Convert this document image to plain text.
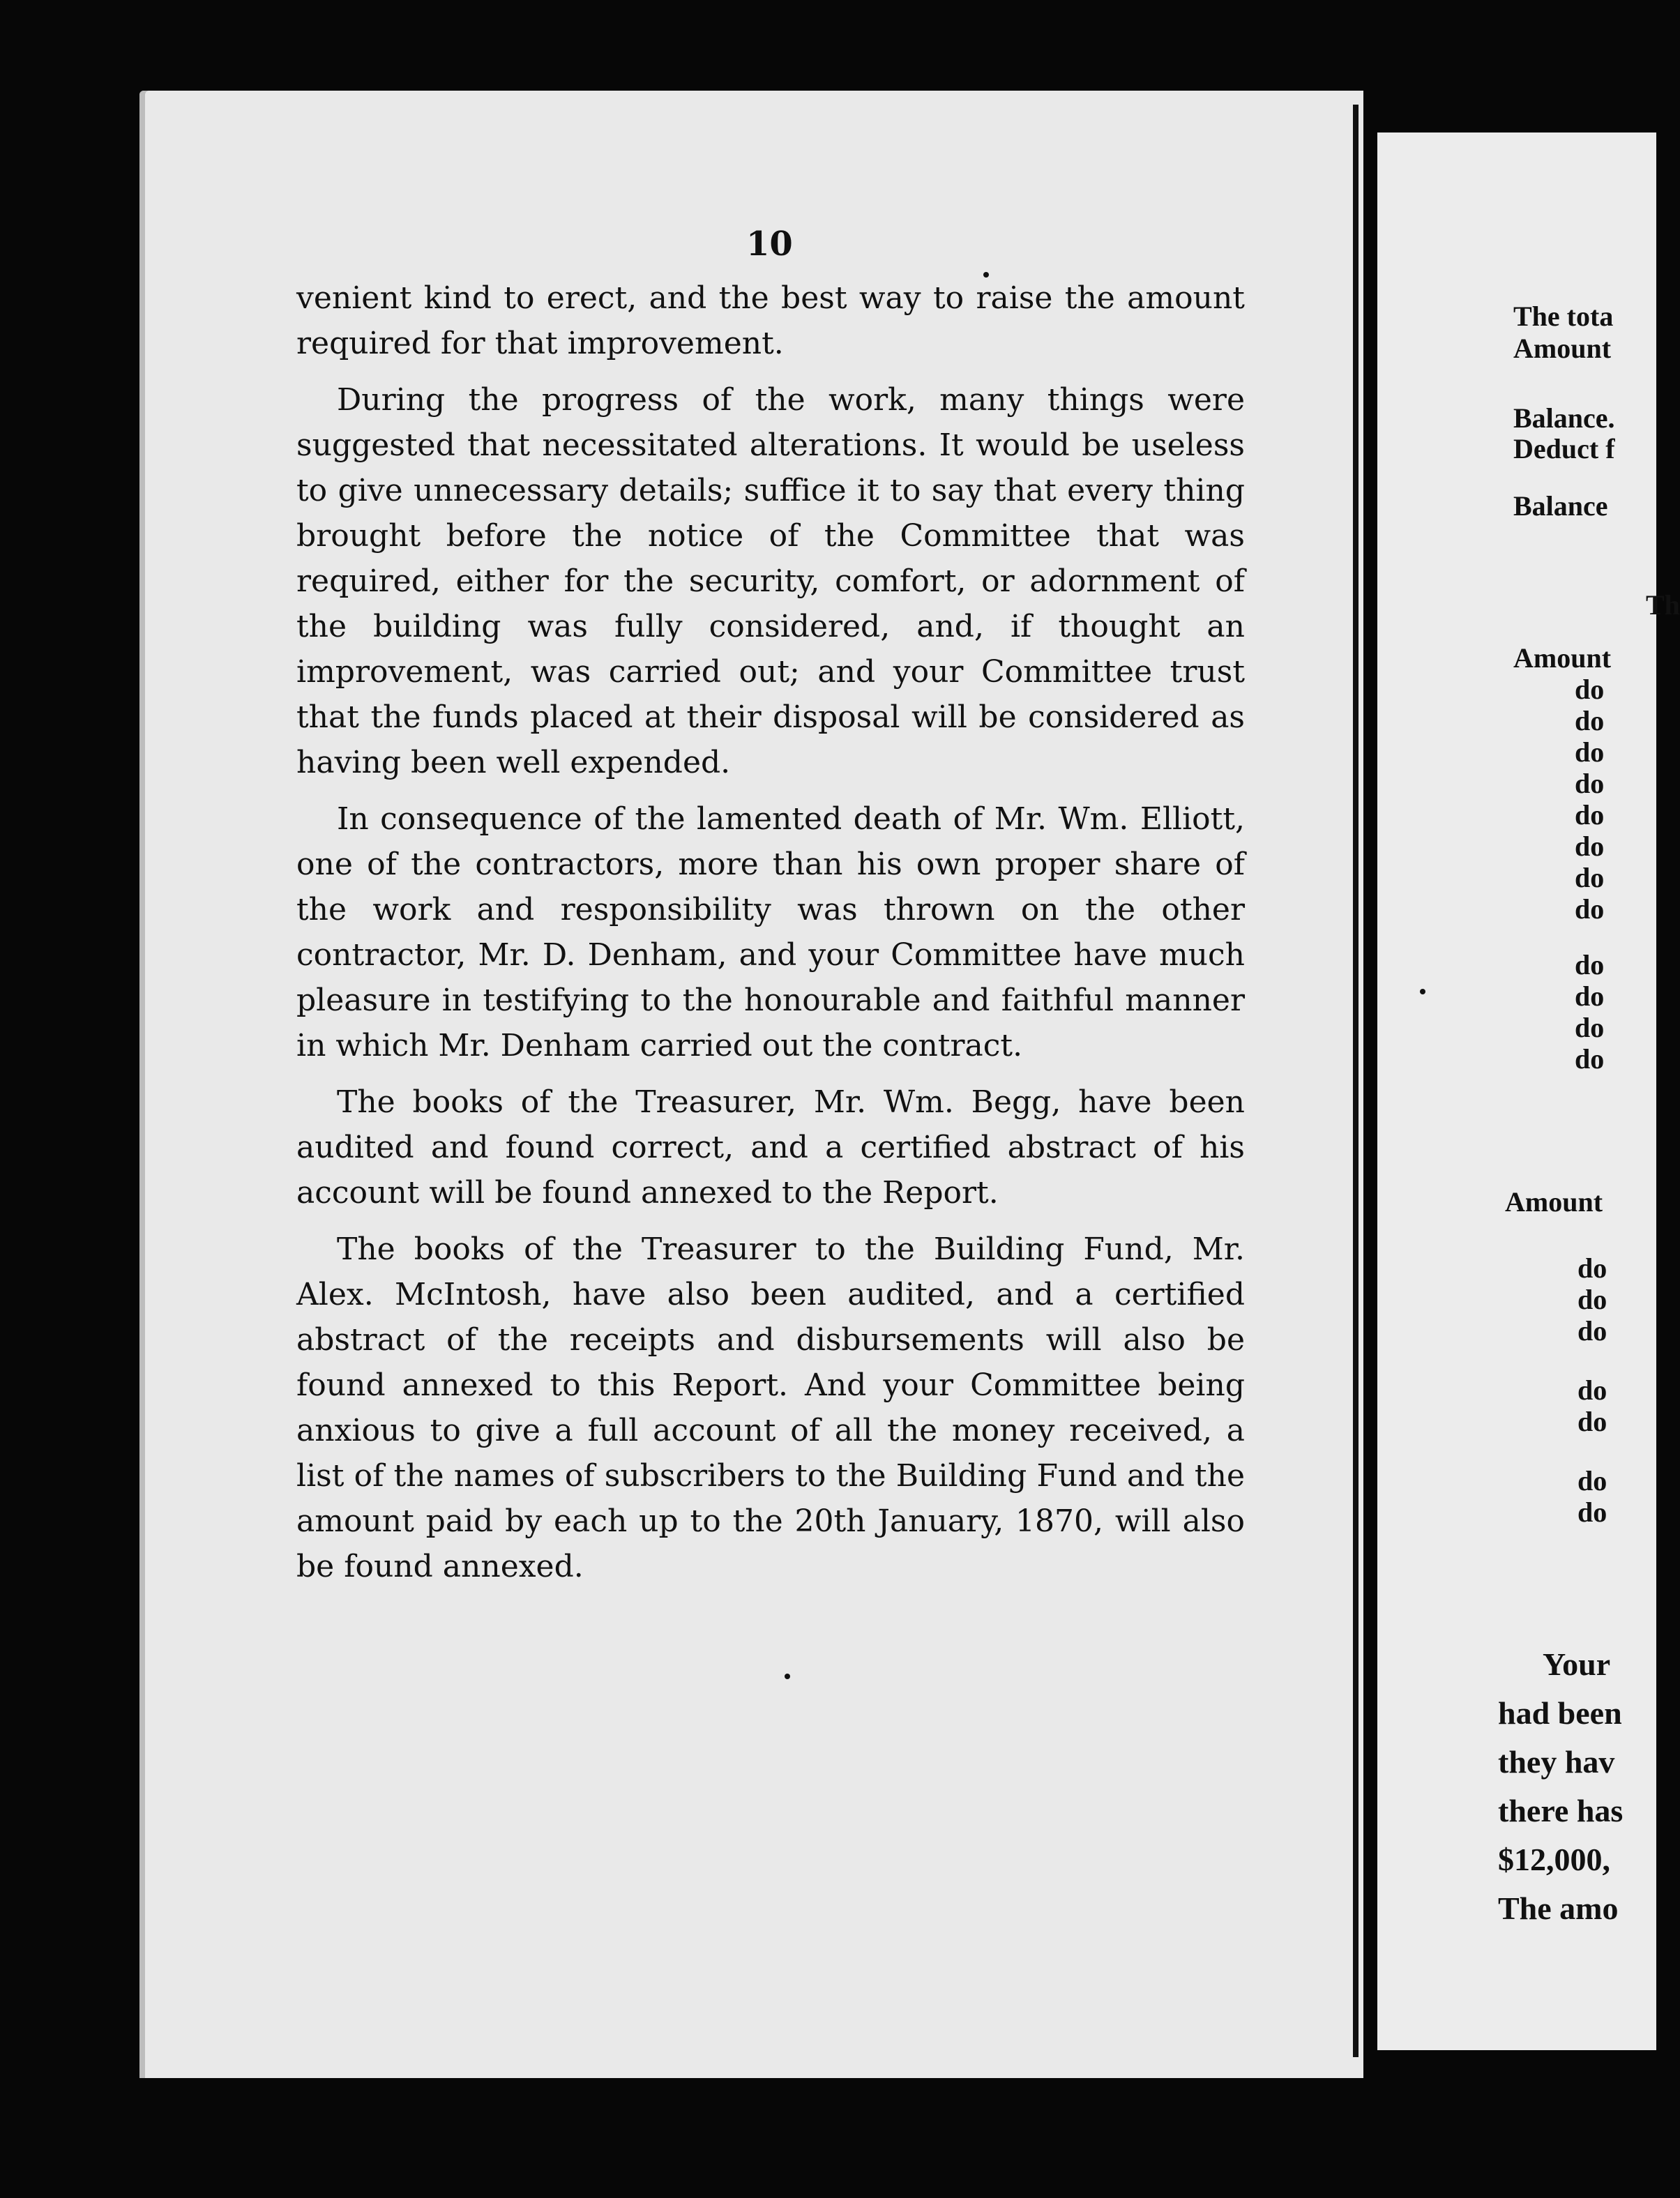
10

venient kind to erect, and the best way to raise the amount required for that improvement.

During the progress of the work, many things were suggested that necessitated alterations. It would be useless to give unnecessary details; suffice it to say that every thing brought before the notice of the Committee that was required, either for the security, comfort, or adornment of the building was fully considered, and, if thought an improvement, was carried out; and your Committee trust that the funds placed at their disposal will be considered as having been well expended.

In consequence of the lamented death of Mr. Wm. Elliott, one of the contractors, more than his own proper share of the work and responsibility was thrown on the other contractor, Mr. D. Denham, and your Committee have much pleasure in testifying to the honourable and faithful manner in which Mr. Denham carried out the contract.

The books of the Treasurer, Mr. Wm. Begg, have been audited and found correct, and a certified abstract of his account will be found annexed to the Report.

The books of the Treasurer to the Building Fund, Mr. Alex. McIntosh, have also been audited, and a certified abstract of the receipts and disbursements will also be found annexed to this Report. And your Committee being anxious to give a full account of all the money received, a list of the names of subscribers to the Building Fund and the amount paid by each up to the 20th January, 1870, will also be found annexed.

The tota
Amount
Balance.
Deduct f
Balance
Th
Amount
do
do
do
do
do
do
do
do
do
do
do
do
Amount
do
do
do
do
do
do
do
Your
had been
they hav
there has
$12,000,
The amo
